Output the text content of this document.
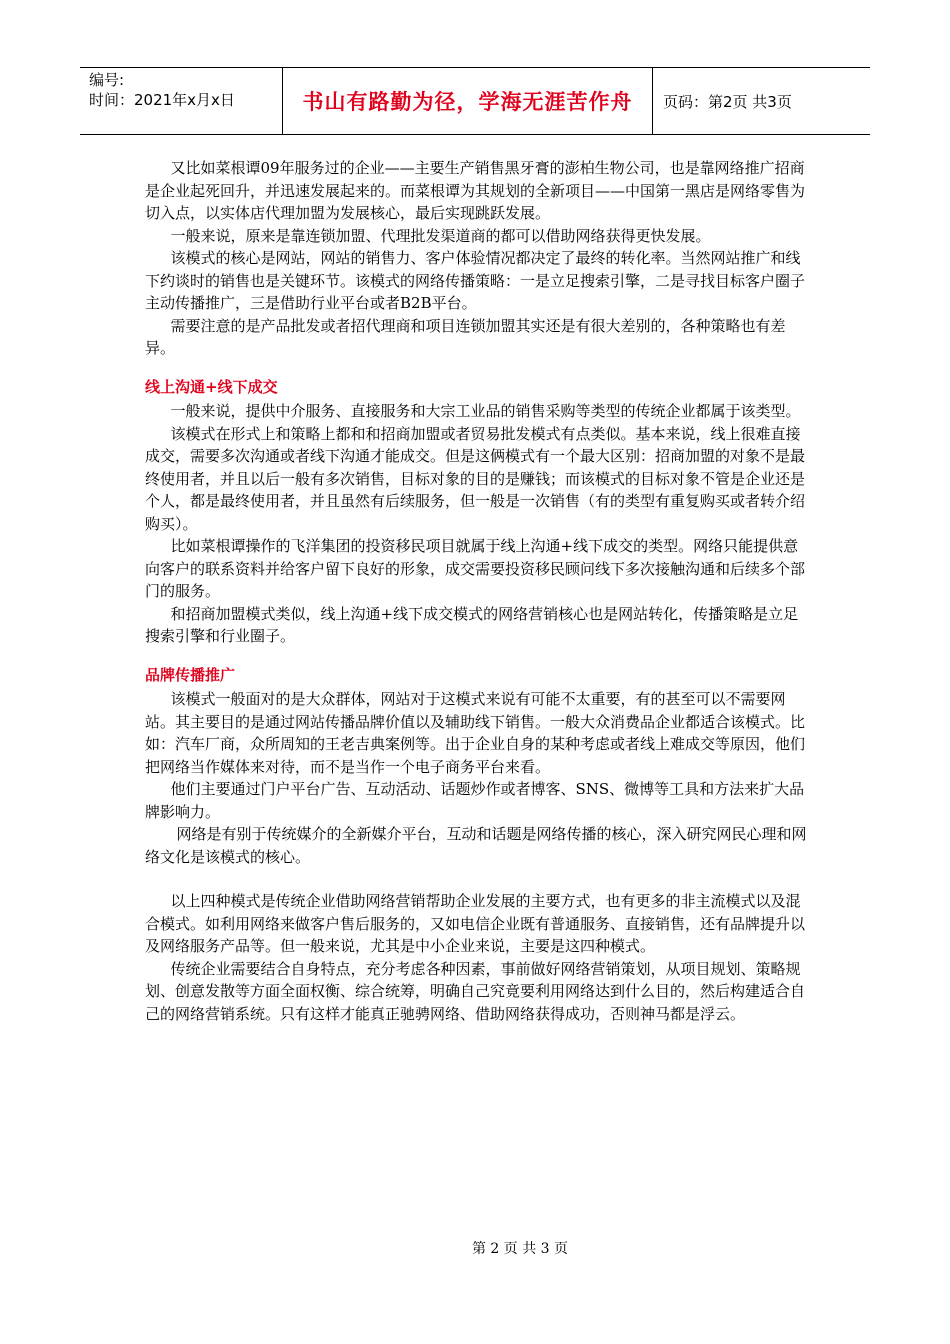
编号:
时间：2021年x月x日	书山有路勤为径，学海无涯苦作舟	页码：第2页 共3页

又比如菜根谭09年服务过的企业——主要生产销售黑牙膏的澎柏生物公司，也是靠网络推广招商是企业起死回升，并迅速发展起来的。而菜根谭为其规划的全新项目——中国第一黑店是网络零售为切入点，以实体店代理加盟为发展核心，最后实现跳跃发展。

一般来说，原来是靠连锁加盟、代理批发渠道商的都可以借助网络获得更快发展。

该模式的核心是网站，网站的销售力、客户体验情况都决定了最终的转化率。当然网站推广和线下约谈时的销售也是关键环节。该模式的网络传播策略：一是立足搜索引擎，二是寻找目标客户圈子主动传播推广，三是借助行业平台或者B2B平台。

需要注意的是产品批发或者招代理商和项目连锁加盟其实还是有很大差别的，各种策略也有差异。

线上沟通+线下成交

一般来说，提供中介服务、直接服务和大宗工业品的销售采购等类型的传统企业都属于该类型。

该模式在形式上和策略上都和和招商加盟或者贸易批发模式有点类似。基本来说，线上很难直接成交，需要多次沟通或者线下沟通才能成交。但是这俩模式有一个最大区别：招商加盟的对象不是最终使用者，并且以后一般有多次销售，目标对象的目的是赚钱；而该模式的目标对象不管是企业还是个人，都是最终使用者，并且虽然有后续服务，但一般是一次销售（有的类型有重复购买或者转介绍购买）。

比如菜根谭操作的飞洋集团的投资移民项目就属于线上沟通+线下成交的类型。网络只能提供意向客户的联系资料并给客户留下良好的形象，成交需要投资移民顾问线下多次接触沟通和后续多个部门的服务。

和招商加盟模式类似，线上沟通+线下成交模式的网络营销核心也是网站转化，传播策略是立足搜索引擎和行业圈子。

品牌传播推广

该模式一般面对的是大众群体，网站对于这模式来说有可能不太重要，有的甚至可以不需要网站。其主要目的是通过网站传播品牌价值以及辅助线下销售。一般大众消费品企业都适合该模式。比如：汽车厂商，众所周知的王老吉典案例等。出于企业自身的某种考虑或者线上难成交等原因，他们把网络当作媒体来对待，而不是当作一个电子商务平台来看。

他们主要通过门户平台广告、互动活动、话题炒作或者博客、SNS、微博等工具和方法来扩大品牌影响力。

网络是有别于传统媒介的全新媒介平台，互动和话题是网络传播的核心，深入研究网民心理和网络文化是该模式的核心。

以上四种模式是传统企业借助网络营销帮助企业发展的主要方式，也有更多的非主流模式以及混合模式。如利用网络来做客户售后服务的，又如电信企业既有普通服务、直接销售，还有品牌提升以及网络服务产品等。但一般来说，尤其是中小企业来说，主要是这四种模式。

传统企业需要结合自身特点，充分考虑各种因素，事前做好网络营销策划，从项目规划、策略规划、创意发散等方面全面权衡、综合统筹，明确自己究竟要利用网络达到什么目的，然后构建适合自己的网络营销系统。只有这样才能真正驰骋网络、借助网络获得成功，否则神马都是浮云。

第 2 页 共 3 页
